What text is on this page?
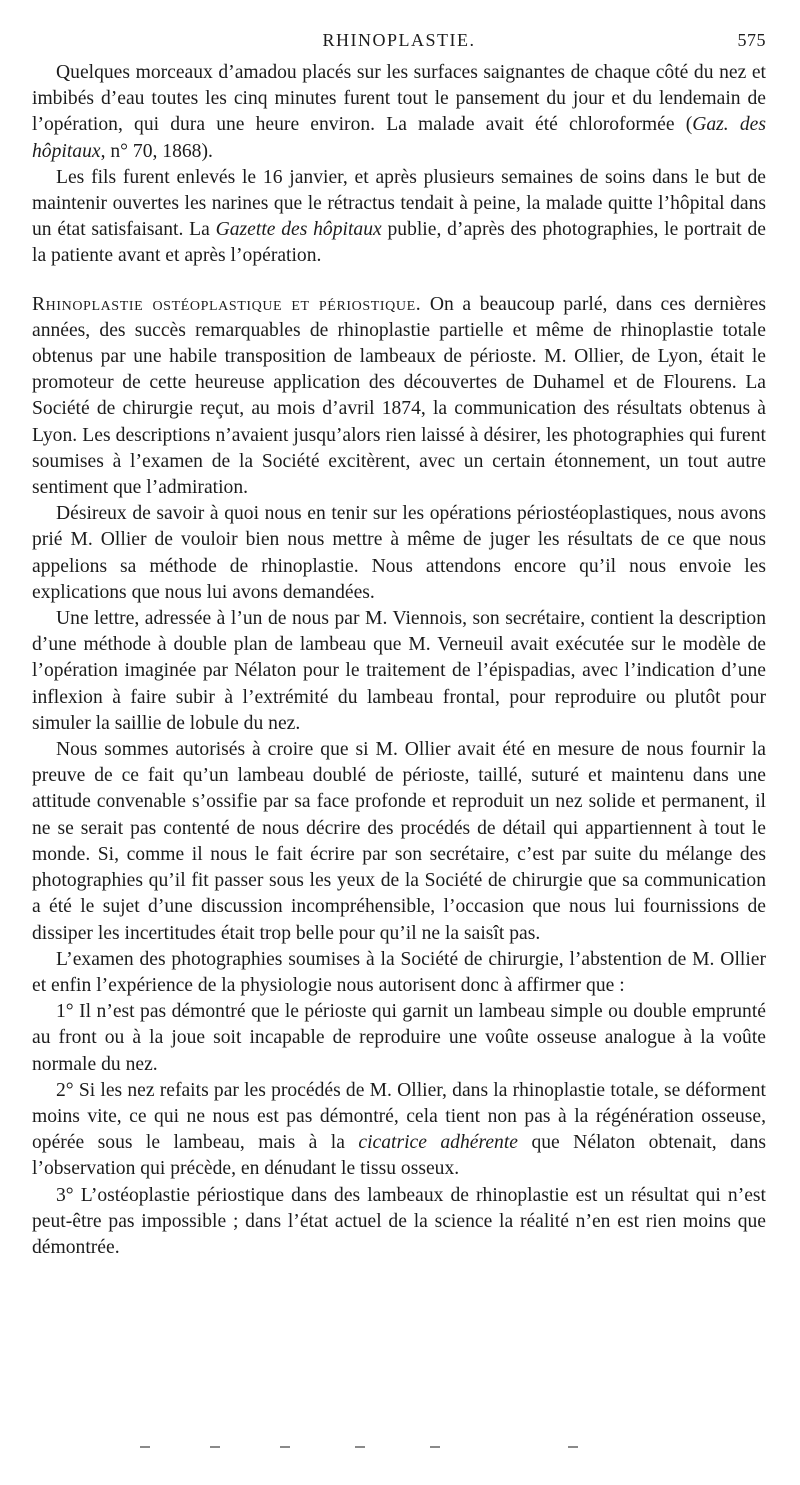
RHINOPLASTIE.	575

Quelques morceaux d’amadou placés sur les surfaces saignantes de chaque côté du nez et imbibés d’eau toutes les cinq minutes furent tout le pansement du jour et du lendemain de l’opération, qui dura une heure environ. La malade avait été chloroformée (Gaz. des hôpitaux, n° 70, 1868).

Les fils furent enlevés le 16 janvier, et après plusieurs semaines de soins dans le but de maintenir ouvertes les narines que le rétractus tendait à peine, la malade quitte l’hôpital dans un état satisfaisant. La Gazette des hôpitaux publie, d’après des photographies, le portrait de la patiente avant et après l’opération.

Rhinoplastie ostéoplastique et périostique. On a beaucoup parlé, dans ces dernières années, des succès remarquables de rhinoplastie partielle et même de rhinoplastie totale obtenus par une habile transposition de lambeaux de périoste. M. Ollier, de Lyon, était le promoteur de cette heureuse application des découvertes de Duhamel et de Flourens. La Société de chirurgie reçut, au mois d’avril 1874, la communication des résultats obtenus à Lyon. Les descriptions n’avaient jusqu’alors rien laissé à désirer, les photographies qui furent soumises à l’examen de la Société excitèrent, avec un certain étonnement, un tout autre sentiment que l’admiration.

Désireux de savoir à quoi nous en tenir sur les opérations périostéoplastiques, nous avons prié M. Ollier de vouloir bien nous mettre à même de juger les résultats de ce que nous appelions sa méthode de rhinoplastie. Nous attendons encore qu’il nous envoie les explications que nous lui avons demandées.

Une lettre, adressée à l’un de nous par M. Viennois, son secrétaire, contient la description d’une méthode à double plan de lambeau que M. Verneuil avait exécutée sur le modèle de l’opération imaginée par Nélaton pour le traitement de l’épispadias, avec l’indication d’une inflexion à faire subir à l’extrémité du lambeau frontal, pour reproduire ou plutôt pour simuler la saillie de lobule du nez.

Nous sommes autorisés à croire que si M. Ollier avait été en mesure de nous fournir la preuve de ce fait qu’un lambeau doublé de périoste, taillé, suturé et maintenu dans une attitude convenable s’ossifie par sa face profonde et reproduit un nez solide et permanent, il ne se serait pas contenté de nous décrire des procédés de détail qui appartiennent à tout le monde. Si, comme il nous le fait écrire par son secrétaire, c’est par suite du mélange des photographies qu’il fit passer sous les yeux de la Société de chirurgie que sa communication a été le sujet d’une discussion incompréhensible, l’occasion que nous lui fournissions de dissiper les incertitudes était trop belle pour qu’il ne la saisît pas.

L’examen des photographies soumises à la Société de chirurgie, l’abstention de M. Ollier et enfin l’expérience de la physiologie nous autorisent donc à affirmer que :

1° Il n’est pas démontré que le périoste qui garnit un lambeau simple ou double emprunté au front ou à la joue soit incapable de reproduire une voûte osseuse analogue à la voûte normale du nez.

2° Si les nez refaits par les procédés de M. Ollier, dans la rhinoplastie totale, se déforment moins vite, ce qui ne nous est pas démontré, cela tient non pas à la régénération osseuse, opérée sous le lambeau, mais à la cicatrice adhérente que Nélaton obtenait, dans l’observation qui précède, en dénudant le tissu osseux.

3° L’ostéoplastie périostique dans des lambeaux de rhinoplastie est un résultat qui n’est peut-être pas impossible ; dans l’état actuel de la science la réalité n’en est rien moins que démontrée.
